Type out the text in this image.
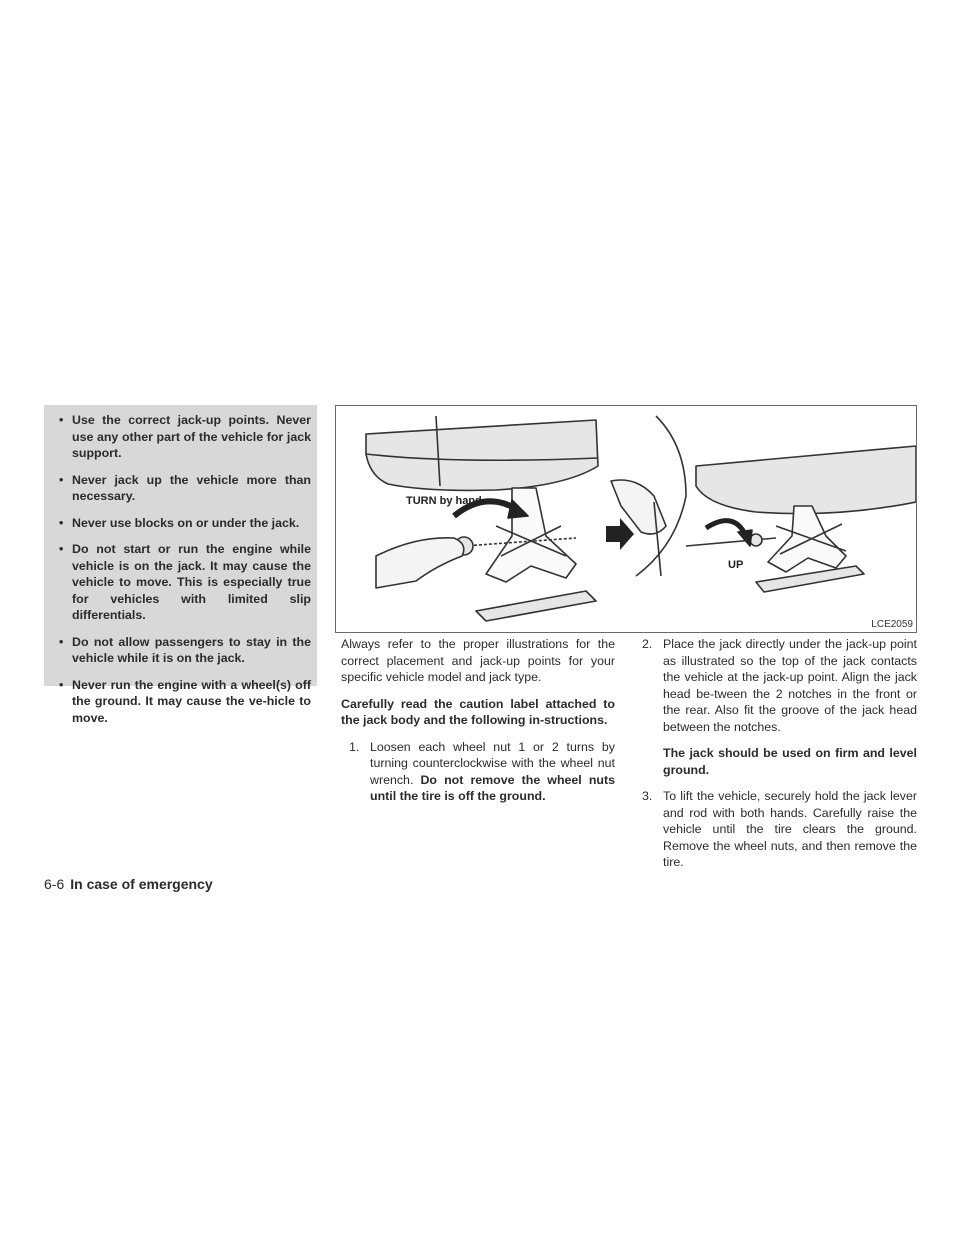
• Use the correct jack-up points. Never use any other part of the vehicle for jack support.
• Never jack up the vehicle more than necessary.
• Never use blocks on or under the jack.
• Do not start or run the engine while vehicle is on the jack. It may cause the vehicle to move. This is especially true for vehicles with limited slip differentials.
• Do not allow passengers to stay in the vehicle while it is on the jack.
• Never run the engine with a wheel(s) off the ground. It may cause the ve-hicle to move.
TURN by hand
UP
LCE2059

Always refer to the proper illustrations for the correct placement and jack-up points for your specific vehicle model and jack type.

Carefully read the caution label attached to the jack body and the following in-structions.

1. Loosen each wheel nut 1 or 2 turns by turning counterclockwise with the wheel nut wrench. Do not remove the wheel nuts until the tire is off the ground.
2. Place the jack directly under the jack-up point as illustrated so the top of the jack contacts the vehicle at the jack-up point. Align the jack head be-tween the 2 notches in the front or the rear. Also fit the groove of the jack head between the notches.

The jack should be used on firm and level ground.

3. To lift the vehicle, securely hold the jack lever and rod with both hands. Carefully raise the vehicle until the tire clears the ground. Remove the wheel nuts, and then remove the tire.
6-6 In case of emergency
